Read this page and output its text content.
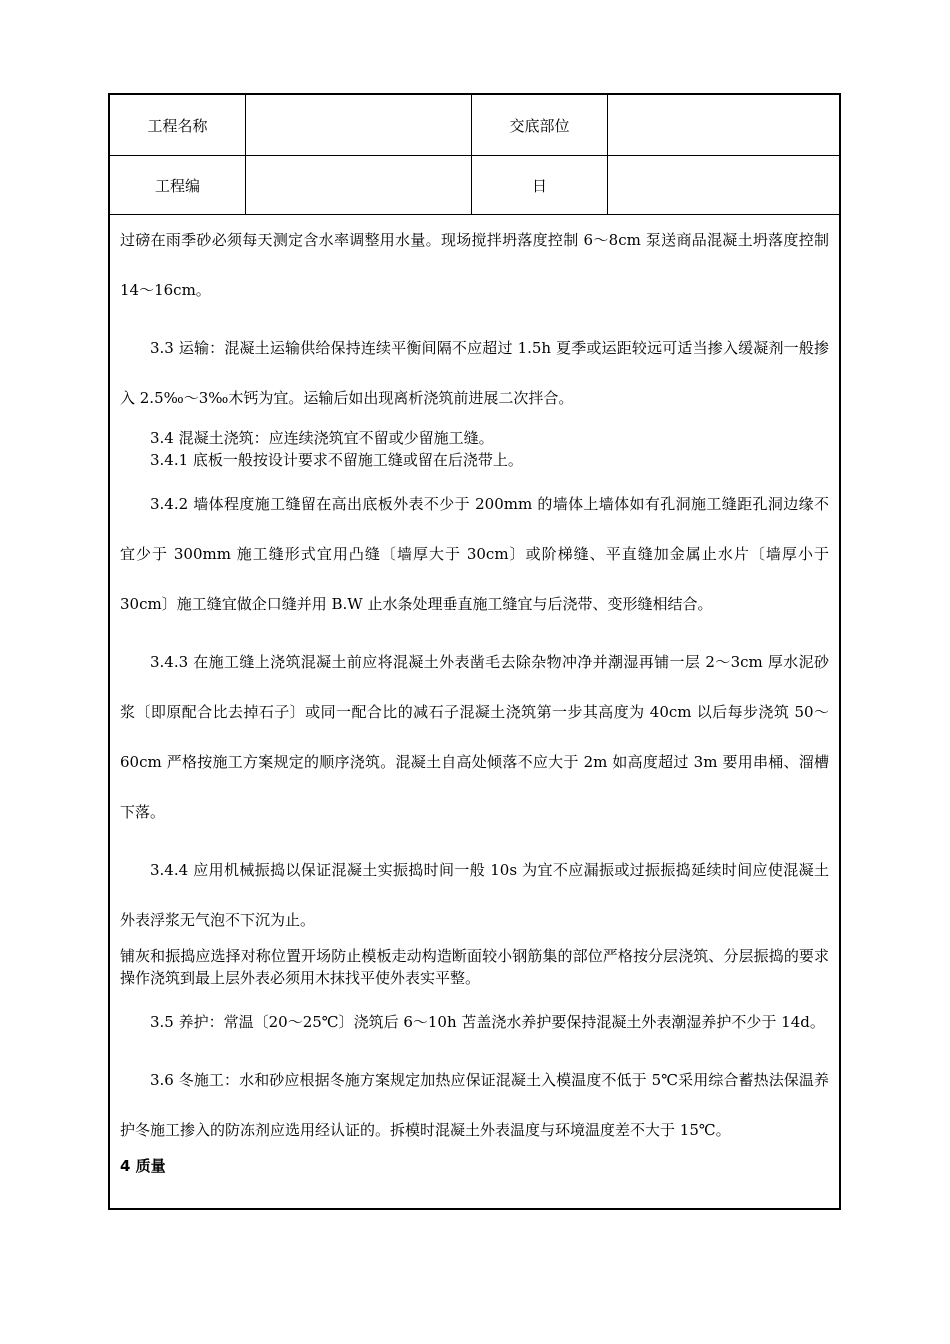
工程名称	交底部位
工程编	日

过磅在雨季砂必须每天测定含水率调整用水量。现场搅拌坍落度控制 6～8cm 泵送商品混凝土坍落度控制 14～16cm。

3.3 运输：混凝土运输供给保持连续平衡间隔不应超过 1.5h 夏季或运距较远可适当掺入缓凝剂一般掺入 2.5‰～3‰木钙为宜。运输后如出现离析浇筑前进展二次拌合。

3.4 混凝土浇筑：应连续浇筑宜不留或少留施工缝。

3.4.1 底板一般按设计要求不留施工缝或留在后浇带上。

3.4.2 墙体程度施工缝留在高出底板外表不少于 200mm 的墙体上墙体如有孔洞施工缝距孔洞边缘不宜少于 300mm 施工缝形式宜用凸缝〔墙厚大于 30cm〕或阶梯缝、平直缝加金属止水片〔墙厚小于 30cm〕施工缝宜做企口缝并用 B.W 止水条处理垂直施工缝宜与后浇带、变形缝相结合。

3.4.3 在施工缝上浇筑混凝土前应将混凝土外表凿毛去除杂物冲净并潮湿再铺一层 2～3cm 厚水泥砂浆〔即原配合比去掉石子〕或同一配合比的减石子混凝土浇筑第一步其高度为 40cm 以后每步浇筑 50～60cm 严格按施工方案规定的顺序浇筑。混凝土自高处倾落不应大于 2m 如高度超过 3m 要用串桶、溜槽下落。

3.4.4 应用机械振捣以保证混凝土实振捣时间一般 10s 为宜不应漏振或过振振捣延续时间应使混凝土外表浮浆无气泡不下沉为止。

铺灰和振捣应选择对称位置开场防止模板走动构造断面较小钢筋集的部位严格按分层浇筑、分层振捣的要求操作浇筑到最上层外表必须用木抹找平使外表实平整。

3.5 养护：常温〔20～25℃〕浇筑后 6～10h 苫盖浇水养护要保持混凝土外表潮湿养护不少于 14d。

3.6 冬施工：水和砂应根据冬施方案规定加热应保证混凝土入模温度不低于 5℃采用综合蓄热法保温养护冬施工掺入的防冻剂应选用经认证的。拆模时混凝土外表温度与环境温度差不大于 15℃。

4 质量
